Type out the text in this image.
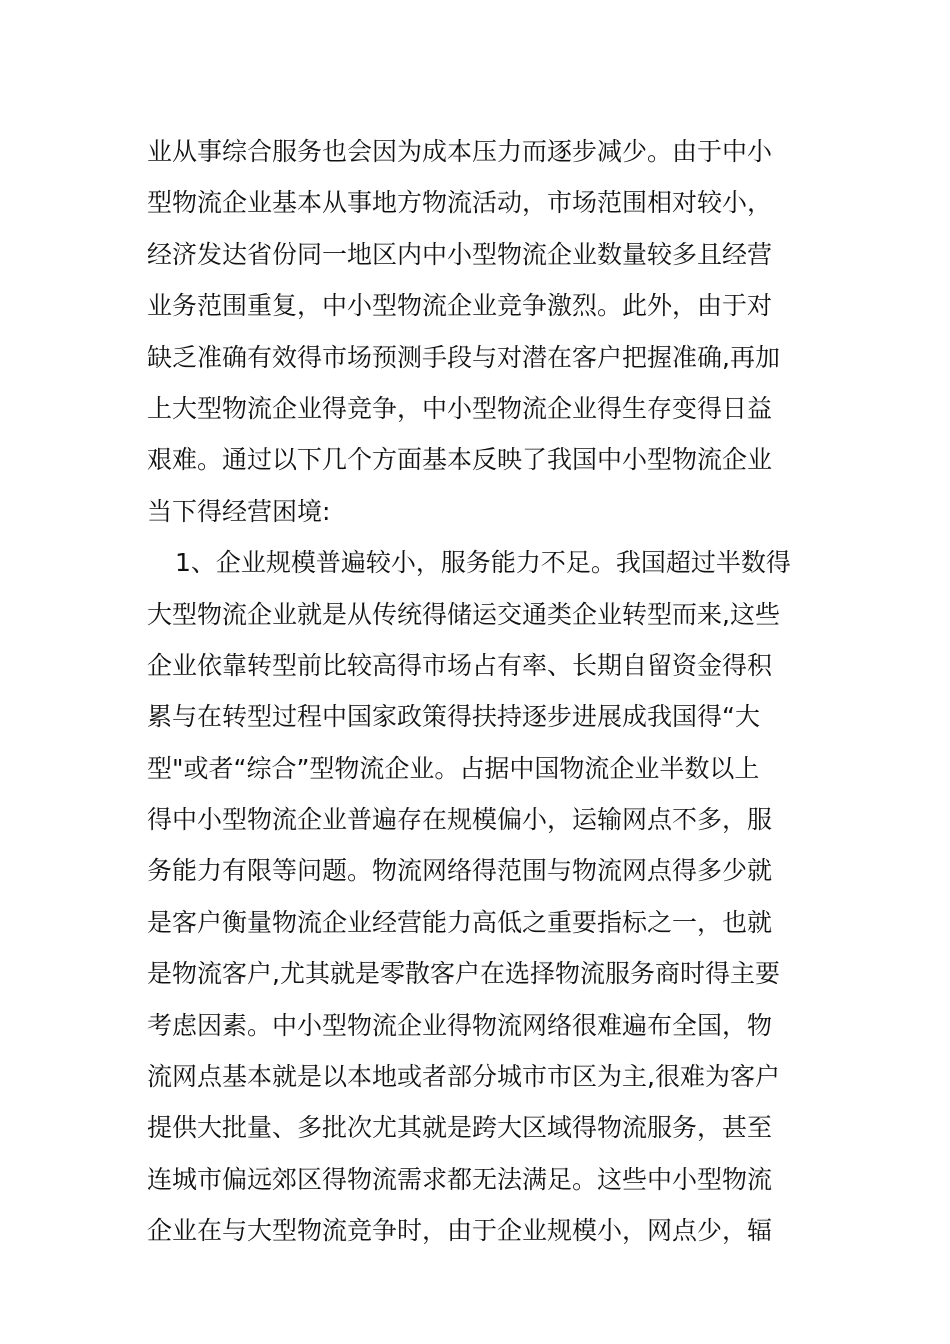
业从事综合服务也会因为成本压力而逐步减少。由于中小
型物流企业基本从事地方物流活动，市场范围相对较小，
经济发达省份同一地区内中小型物流企业数量较多且经营
业务范围重复，中小型物流企业竞争激烈。此外，由于对
缺乏准确有效得市场预测手段与对潜在客户把握准确,再加
上大型物流企业得竞争，中小型物流企业得生存变得日益
艰难。通过以下几个方面基本反映了我国中小型物流企业
当下得经营困境:
1、企业规模普遍较小，服务能力不足。我国超过半数得
大型物流企业就是从传统得储运交通类企业转型而来,这些
企业依靠转型前比较高得市场占有率、长期自留资金得积
累与在转型过程中国家政策得扶持逐步进展成我国得“大
型"或者“综合”型物流企业。占据中国物流企业半数以上
得中小型物流企业普遍存在规模偏小，运输网点不多，服
务能力有限等问题。物流网络得范围与物流网点得多少就
是客户衡量物流企业经营能力高低之重要指标之一，也就
是物流客户,尤其就是零散客户在选择物流服务商时得主要
考虑因素。中小型物流企业得物流网络很难遍布全国，物
流网点基本就是以本地或者部分城市市区为主,很难为客户
提供大批量、多批次尤其就是跨大区域得物流服务，甚至
连城市偏远郊区得物流需求都无法满足。这些中小型物流
企业在与大型物流竞争时，由于企业规模小，网点少，辐
